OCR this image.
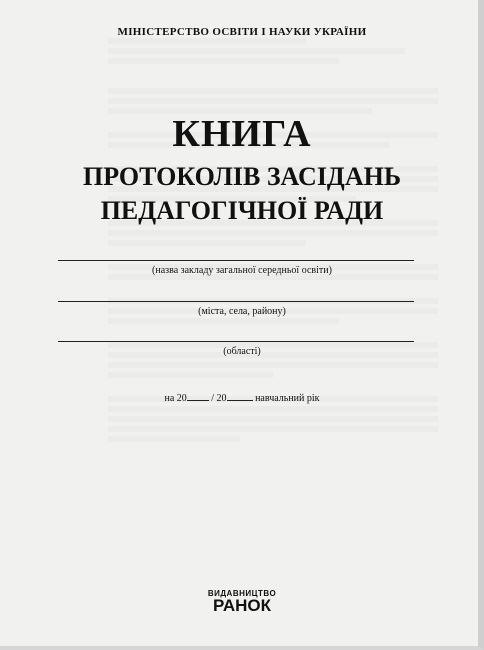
МІНІСТЕРСТВО ОСВІТИ І НАУКИ УКРАЇНИ
КНИГА
ПРОТОКОЛІВ ЗАСІДАНЬ
ПЕДАГОГІЧНОЇ РАДИ
(назва закладу загальної середньої освіти)
(міста, села, району)
(області)
на 20 / 20	навчальний рік
ВИДАВНИЦТВО
РАНОК
